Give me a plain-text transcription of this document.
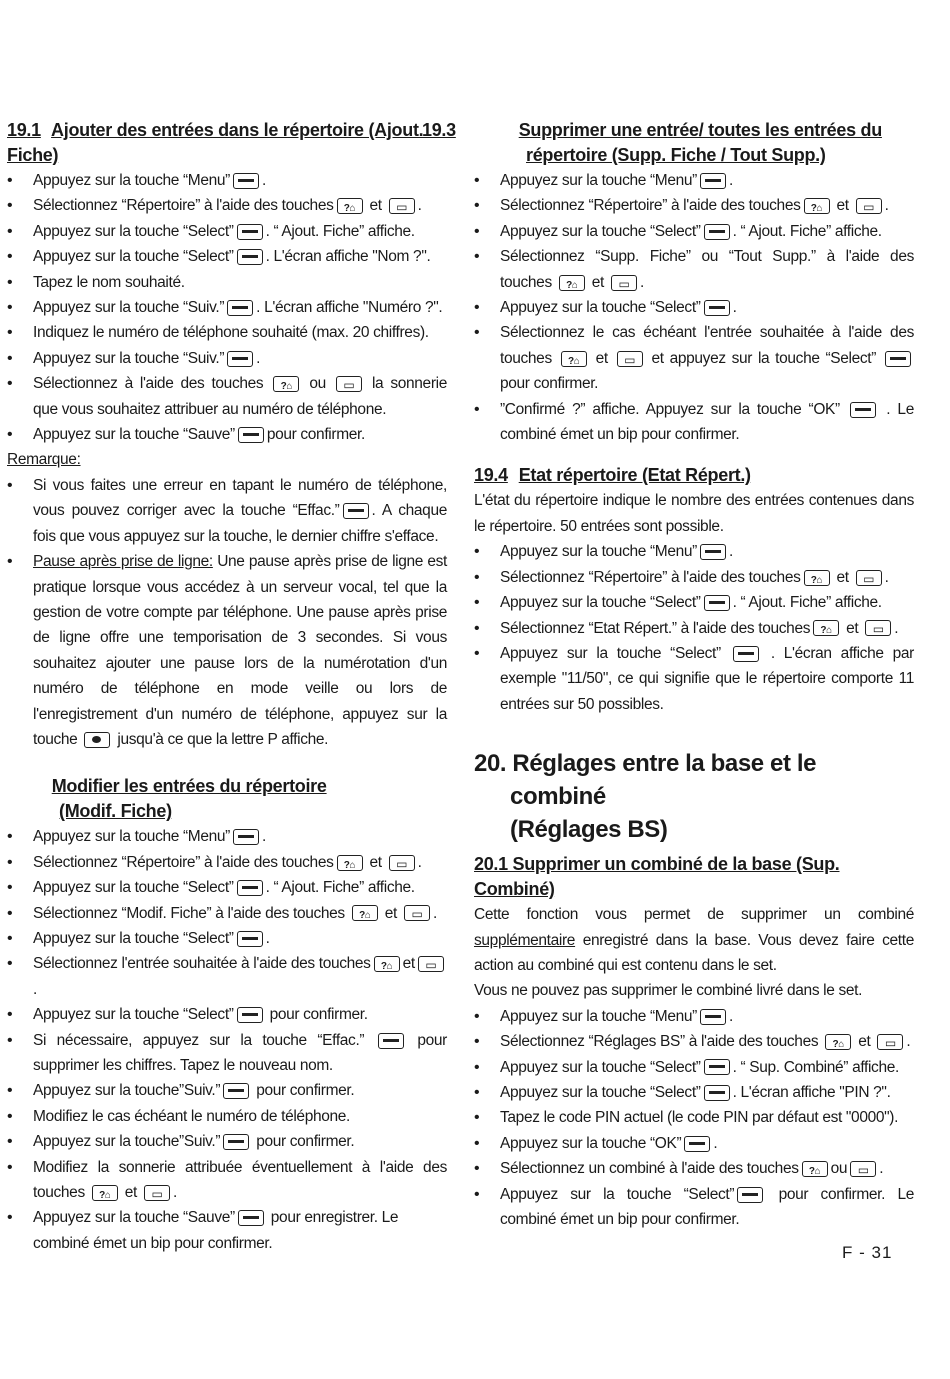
19.1 Ajouter des entrées dans le répertoire (Ajout. Fiche)
• Appuyez sur la touche “Menu” .
• Sélectionnez “Répertoire” à l'aide des touches ?⌂ et ▭ .
• Appuyez sur la touche “Select” . “ Ajout. Fiche” affiche.
• Appuyez sur la touche “Select” . L'écran affiche "Nom ?".
• Tapez le nom souhaité.
• Appuyez sur la touche “Suiv.” . L'écran affiche "Numéro ?".
• Indiquez le numéro de téléphone souhaité (max. 20 chiffres).
• Appuyez sur la touche “Suiv.” .
• Sélectionnez à l'aide des touches ?⌂	ou ▭	la sonnerie que vous souhaitez attribuer au numéro de téléphone.
• Appuyez sur la touche “Sauve” pour confirmer.

Remarque:

• Si vous faites une erreur en tapant le numéro de téléphone, vous pouvez corriger avec la touche “Effac.” . A chaque fois que vous appuyez sur la touche, le dernier chiffre s'efface.
• Pause après prise de ligne: Une pause après prise de ligne est pratique lorsque vous accédez à un serveur vocal, tel que la gestion de votre compte par téléphone. Une pause après prise de ligne offre une temporisation de 3 secondes. Si vous souhaitez ajouter une pause lors de la numérotation d'un numéro de téléphone en mode veille ou lors de l'enregistrement d'un numéro de téléphone, appuyez sur la touche	jusqu'à ce que la lettre P affiche.
Modifier les entrées du répertoire
(Modif. Fiche)
• Appuyez sur la touche “Menu” .
• Sélectionnez “Répertoire” à l'aide des touches ?⌂ et ▭ .
• Appuyez sur la touche “Select” . “ Ajout. Fiche” affiche.
• Sélectionnez “Modif. Fiche” à l'aide des touches ?⌂	et ▭ .
• Appuyez sur la touche “Select” .
• Sélectionnez l'entrée souhaitée à l'aide des touches ?⌂ et▭.
• Appuyez sur la touche “Select” pour confirmer.
• Si nécessaire, appuyez sur la touche “Effac.”	pour supprimer les chiffres. Tapez le nouveau nom.
• Appuyez sur la touche”Suiv.” pour confirmer.
• Modifiez le cas échéant le numéro de téléphone.
• Appuyez sur la touche”Suiv.” pour confirmer.
• Modifiez la sonnerie attribuée éventuellement à l'aide des touches ?⌂	et ▭ .
• Appuyez sur la touche “Sauve” pour enregistrer. Le combiné émet un bip pour confirmer.
19.3	Supprimer une entrée/ toutes les entrées du
répertoire (Supp. Fiche / Tout Supp.)
• Appuyez sur la touche “Menu” .
• Sélectionnez “Répertoire” à l'aide des touches ?⌂ et ▭ .
• Appuyez sur la touche “Select” . “ Ajout. Fiche” affiche.
• Sélectionnez “Supp. Fiche” ou “Tout Supp.” à l'aide des touches ?⌂	et ▭ .
• Appuyez sur la touche “Select” .
• Sélectionnez le cas échéant l'entrée souhaitée à l'aide des touches ?⌂	et ▭	et appuyez sur la touche “Select”  pour confirmer.
• ”Confirmé ?” affiche. Appuyez sur la touche “OK”	. Le combiné émet un bip pour confirmer.
19.4 Etat répertoire (Etat Répert.)

L'état du répertoire indique le nombre des entrées contenues dans le répertoire. 50 entrées sont possible.

• Appuyez sur la touche “Menu” .
• Sélectionnez “Répertoire” à l'aide des touches ?⌂ et ▭ .
• Appuyez sur la touche “Select” . “ Ajout. Fiche” affiche.
• Sélectionnez “Etat Répert.” à l'aide des touches ?⌂ et ▭ .
• Appuyez sur la touche “Select”	. L'écran affiche par exemple "11/50", ce qui signifie que le répertoire comporte 11 entrées sur 50 possibles.
20. Réglages entre la base et le combiné
(Réglages BS)
20.1 Supprimer un combiné de la base (Sup. Combiné)

Cette fonction vous permet de supprimer un combiné supplémentaire enregistré dans la base. Vous devez faire cette action au combiné qui est contenu dans le set.

Vous ne pouvez pas supprimer le combiné livré dans le set.

• Appuyez sur la touche “Menu” .
• Sélectionnez “Réglages BS” à l'aide des touches ?⌂	et ▭ .
• Appuyez sur la touche “Select” . “ Sup. Combiné” affiche.
• Appuyez sur la touche “Select” . L'écran affiche "PIN ?".
• Tapez le code PIN actuel (le code PIN par défaut est "0000").
• Appuyez sur la touche “OK” .
• Sélectionnez un combiné à l'aide des touches ?⌂ ou▭ .
• Appuyez sur la touche “Select”	pour confirmer. Le combiné émet un bip pour confirmer.
F - 31
